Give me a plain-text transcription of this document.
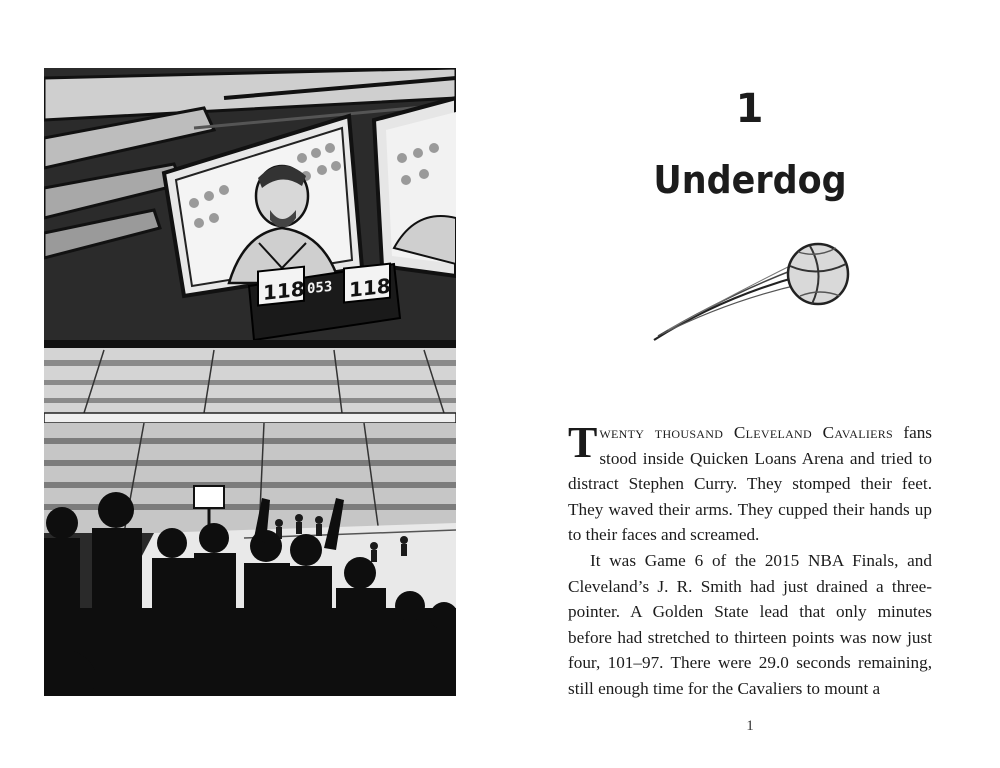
118 053 118
1
Underdog

Twenty thousand Cleveland Cavaliers fans stood inside Quicken Loans Arena and tried to distract Stephen Curry. They stomped their feet. They waved their arms. They cupped their hands up to their faces and screamed.

It was Game 6 of the 2015 NBA Finals, and Cleveland’s J. R. Smith had just drained a three-pointer. A Golden State lead that only minutes before had stretched to thirteen points was now just four, 101–97. There were 29.0 seconds remaining, still enough time for the Cavaliers to mount a

1
